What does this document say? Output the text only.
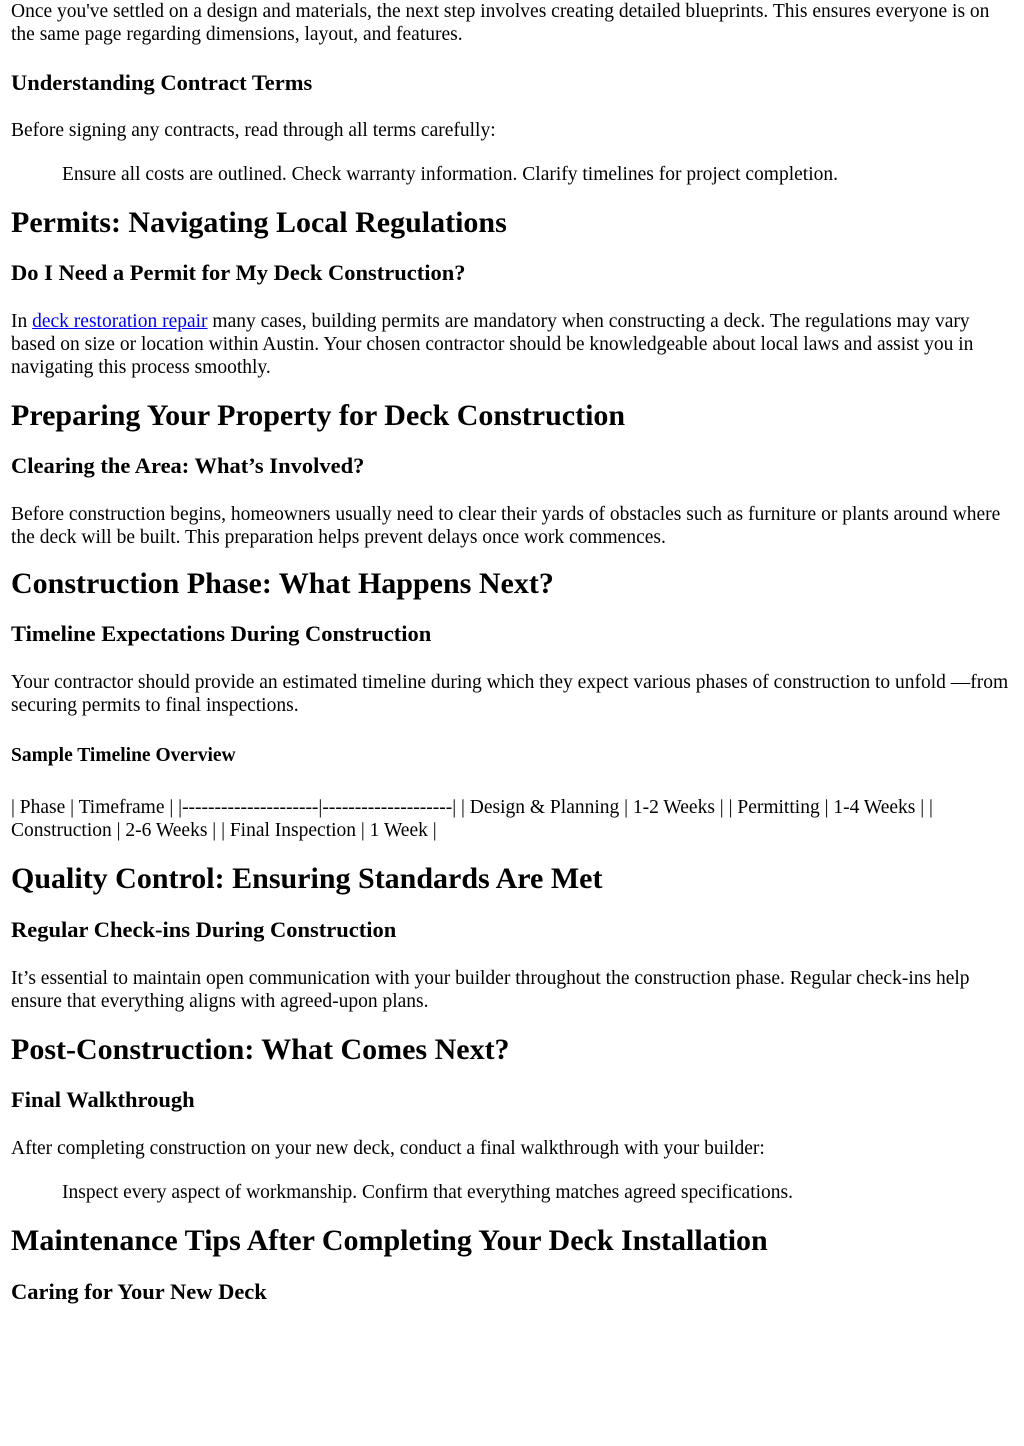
Once you've settled on a design and materials, the next step involves creating detailed blueprints. This ensures everyone is on the same page regarding dimensions, layout, and features.

Understanding Contract Terms

Before signing any contracts, read through all terms carefully:

Ensure all costs are outlined. Check warranty information. Clarify timelines for project completion.

Permits: Navigating Local Regulations
Do I Need a Permit for My Deck Construction?

In deck restoration repair many cases, building permits are mandatory when constructing a deck. The regulations may vary based on size or location within Austin. Your chosen contractor should be knowledgeable about local laws and assist you in navigating this process smoothly.

Preparing Your Property for Deck Construction
Clearing the Area: What’s Involved?

Before construction begins, homeowners usually need to clear their yards of obstacles such as furniture or plants around where the deck will be built. This preparation helps prevent delays once work commences.

Construction Phase: What Happens Next?
Timeline Expectations During Construction

Your contractor should provide an estimated timeline during which they expect various phases of construction to unfold —from securing permits to final inspections.

Sample Timeline Overview

| Phase | Timeframe | |---------------------|--------------------| | Design & Planning | 1-2 Weeks | | Permitting | 1-4 Weeks | | Construction | 2-6 Weeks | | Final Inspection | 1 Week |

Quality Control: Ensuring Standards Are Met
Regular Check-ins During Construction

It’s essential to maintain open communication with your builder throughout the construction phase. Regular check-ins help ensure that everything aligns with agreed-upon plans.

Post-Construction: What Comes Next?
Final Walkthrough

After completing construction on your new deck, conduct a final walkthrough with your builder:

Inspect every aspect of workmanship. Confirm that everything matches agreed specifications.

Maintenance Tips After Completing Your Deck Installation
Caring for Your New Deck
